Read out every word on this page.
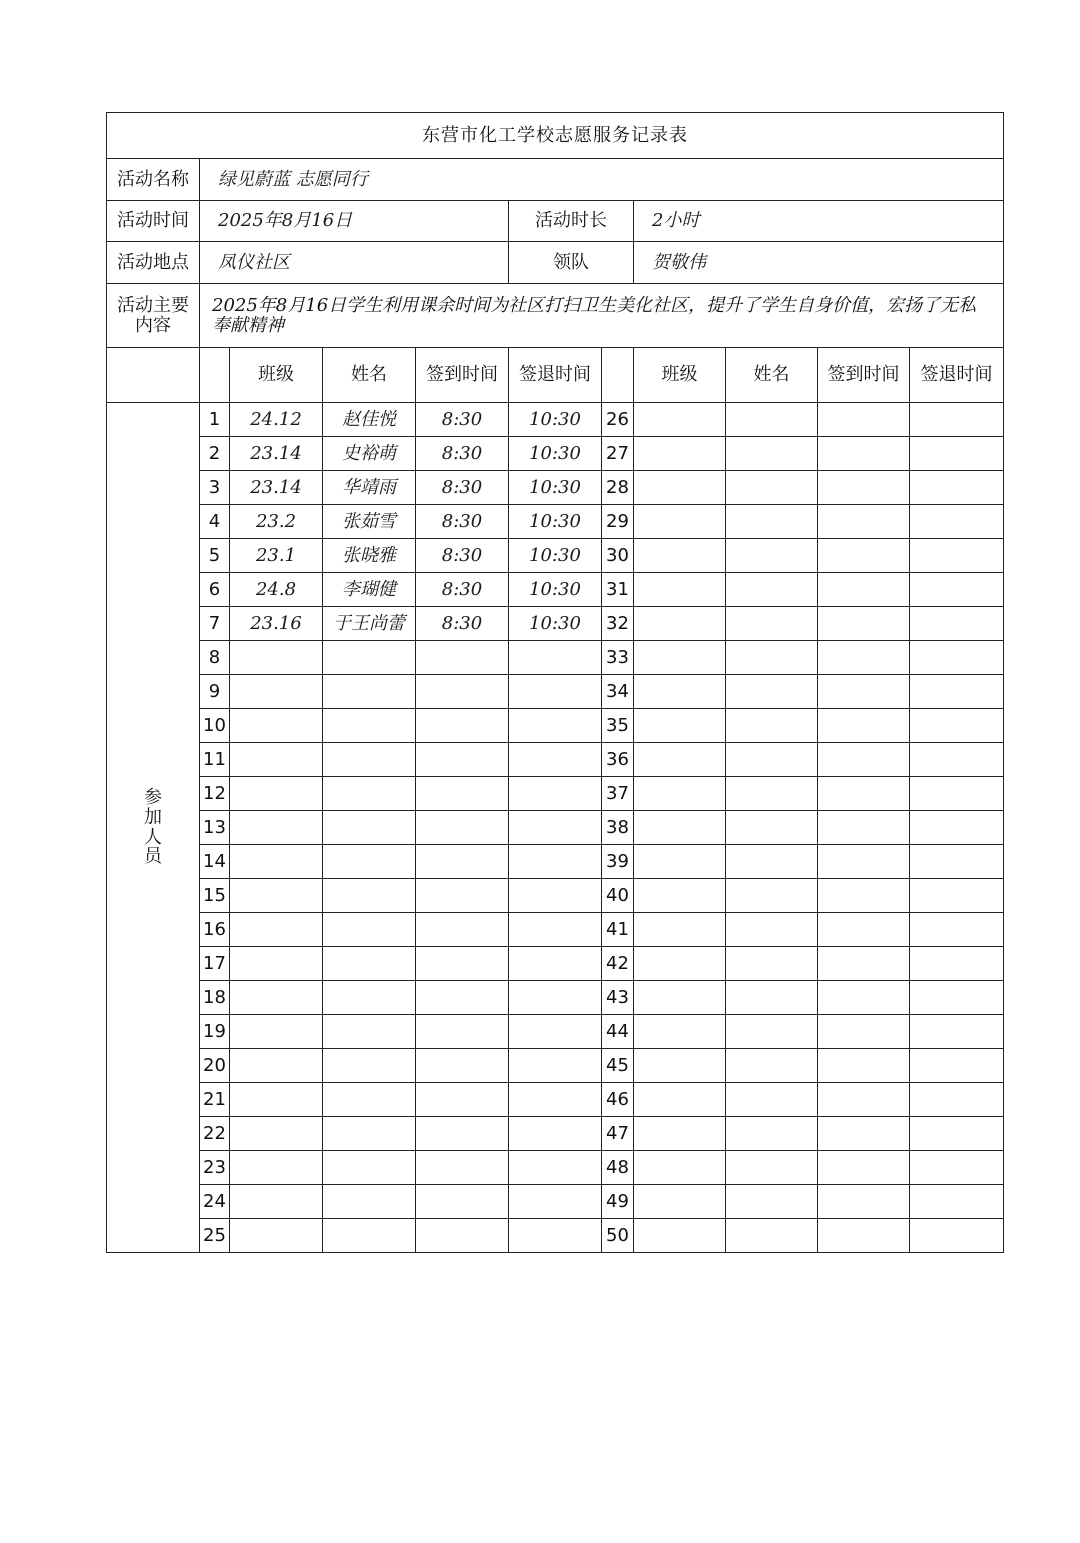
东营市化工学校志愿服务记录表										
活动名称	绿见蔚蓝 志愿同行									
活动时间	2025年8月16日				活动时长		2小时			
活动地点	凤仪社区				领队		贺敬伟			
活动主要内容	2025年8月16日学生利用课余时间为社区打扫卫生美化社区，提升了学生自身价值，宏扬了无私奉献精神									
		班级	姓名	签到时间	签退时间		班级	姓名	签到时间	签退时间

参
加
人
员	1	24.12	赵佳悦	8:30	10:30	26				
	2	23.14	史裕萌	8:30	10:30	27				
	3	23.14	华靖雨	8:30	10:30	28				
	4	23.2	张茹雪	8:30	10:30	29				
	5	23.1	张晓雅	8:30	10:30	30				
	6	24.8	李瑚健	8:30	10:30	31				
	7	23.16	于王尚蕾	8:30	10:30	32				
	8					33				
	9					34				
	10					35				
	11					36				
	12					37				
	13					38				
	14					39				
	15					40				
	16					41				
	17					42				
	18					43				
	19					44				
	20					45				
	21					46				
	22					47				
	23					48				
	24					49				
	25					50				
